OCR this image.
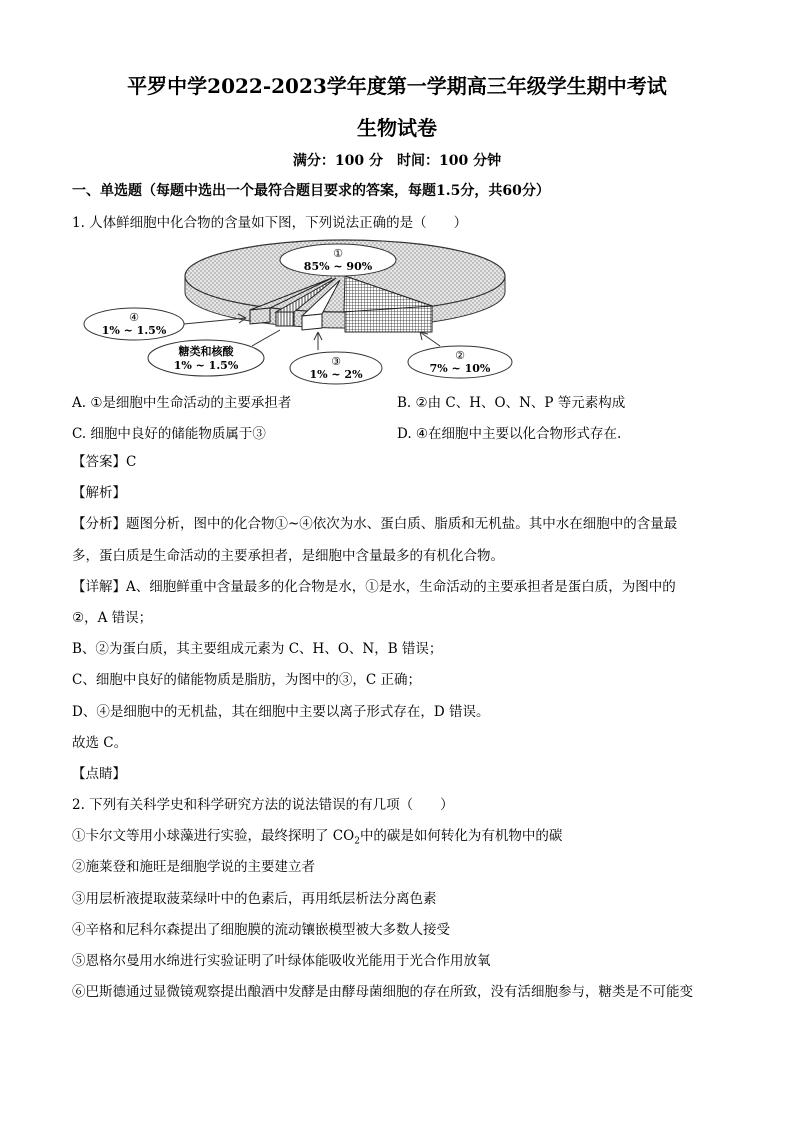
平罗中学2022-2023学年度第一学期高三年级学生期中考试
生物试卷
满分：100 分　时间：100 分钟
一、单选题（每题中选出一个最符合题目要求的答案，每题1.5分，共60分）
1. 人体鲜细胞中化合物的含量如下图，下列说法正确的是（　　）
①
85% ~ 90%
④
1% ~ 1.5%
糖类和核酸
1% ~ 1.5%	③
1% ~ 2%
②
7% ~ 10%
A. ①是细胞中生命活动的主要承担者	B. ②由 C、H、O、N、P 等元素构成
C. 细胞中良好的储能物质属于③	D. ④在细胞中主要以化合物形式存在.
【答案】C
【解析】
【分析】题图分析，图中的化合物①~④依次为水、蛋白质、脂质和无机盐。其中水在细胞中的含量最
多，蛋白质是生命活动的主要承担者，是细胞中含量最多的有机化合物。
【详解】A、细胞鲜重中含量最多的化合物是水，①是水，生命活动的主要承担者是蛋白质，为图中的
②，A 错误；
B、②为蛋白质，其主要组成元素为 C、H、O、N，B 错误；
C、细胞中良好的储能物质是脂肪，为图中的③，C 正确；
D、④是细胞中的无机盐，其在细胞中主要以离子形式存在，D 错误。
故选 C。
【点睛】
2. 下列有关科学史和科学研究方法的说法错误的有几项（　　）
①卡尔文等用小球藻进行实验，最终探明了 $CO_2$中的碳是如何转化为有机物中的碳
②施莱登和施旺是细胞学说的主要建立者
③用层析液提取菠菜绿叶中的色素后，再用纸层析法分离色素
④辛格和尼科尔森提出了细胞膜的流动镶嵌模型被大多数人接受
⑤恩格尔曼用水绵进行实验证明了叶绿体能吸收光能用于光合作用放氧
⑥巴斯德通过显微镜观察提出酿酒中发酵是由酵母菌细胞的存在所致，没有活细胞参与，糖类是不可能变
